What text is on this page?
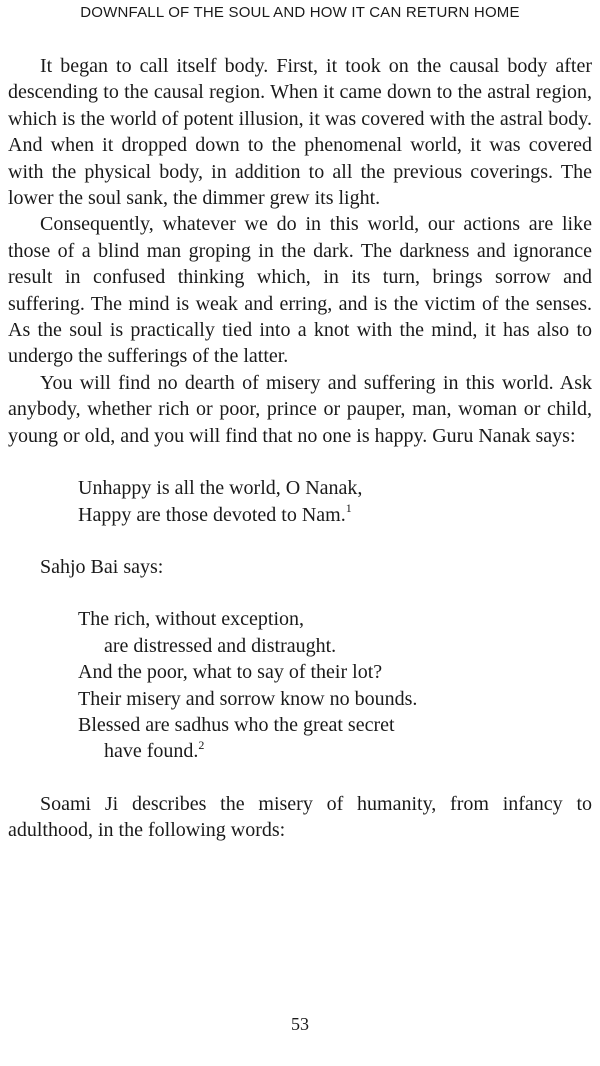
DOWNFALL OF THE SOUL AND HOW IT CAN RETURN HOME

It began to call itself body. First, it took on the causal body after descending to the causal region. When it came down to the astral region, which is the world of potent illusion, it was covered with the astral body. And when it dropped down to the phenomenal world, it was covered with the physical body, in addition to all the previous coverings. The lower the soul sank, the dimmer grew its light.

Consequently, whatever we do in this world, our actions are like those of a blind man groping in the dark. The darkness and ignorance result in confused thinking which, in its turn, brings sorrow and suffering. The mind is weak and erring, and is the victim of the senses. As the soul is practically tied into a knot with the mind, it has also to undergo the sufferings of the latter.

You will find no dearth of misery and suffering in this world. Ask anybody, whether rich or poor, prince or pauper, man, woman or child, young or old, and you will find that no one is happy. Guru Nanak says:

Unhappy is all the world, O Nanak,
Happy are those devoted to Nam.$^1$

Sahjo Bai says:

The rich, without exception,
are distressed and distraught.
And the poor, what to say of their lot?
Their misery and sorrow know no bounds.
Blessed are sadhus who the great secret
have found.$^2$

Soami Ji describes the misery of humanity, from infancy to adulthood, in the following words:

53
